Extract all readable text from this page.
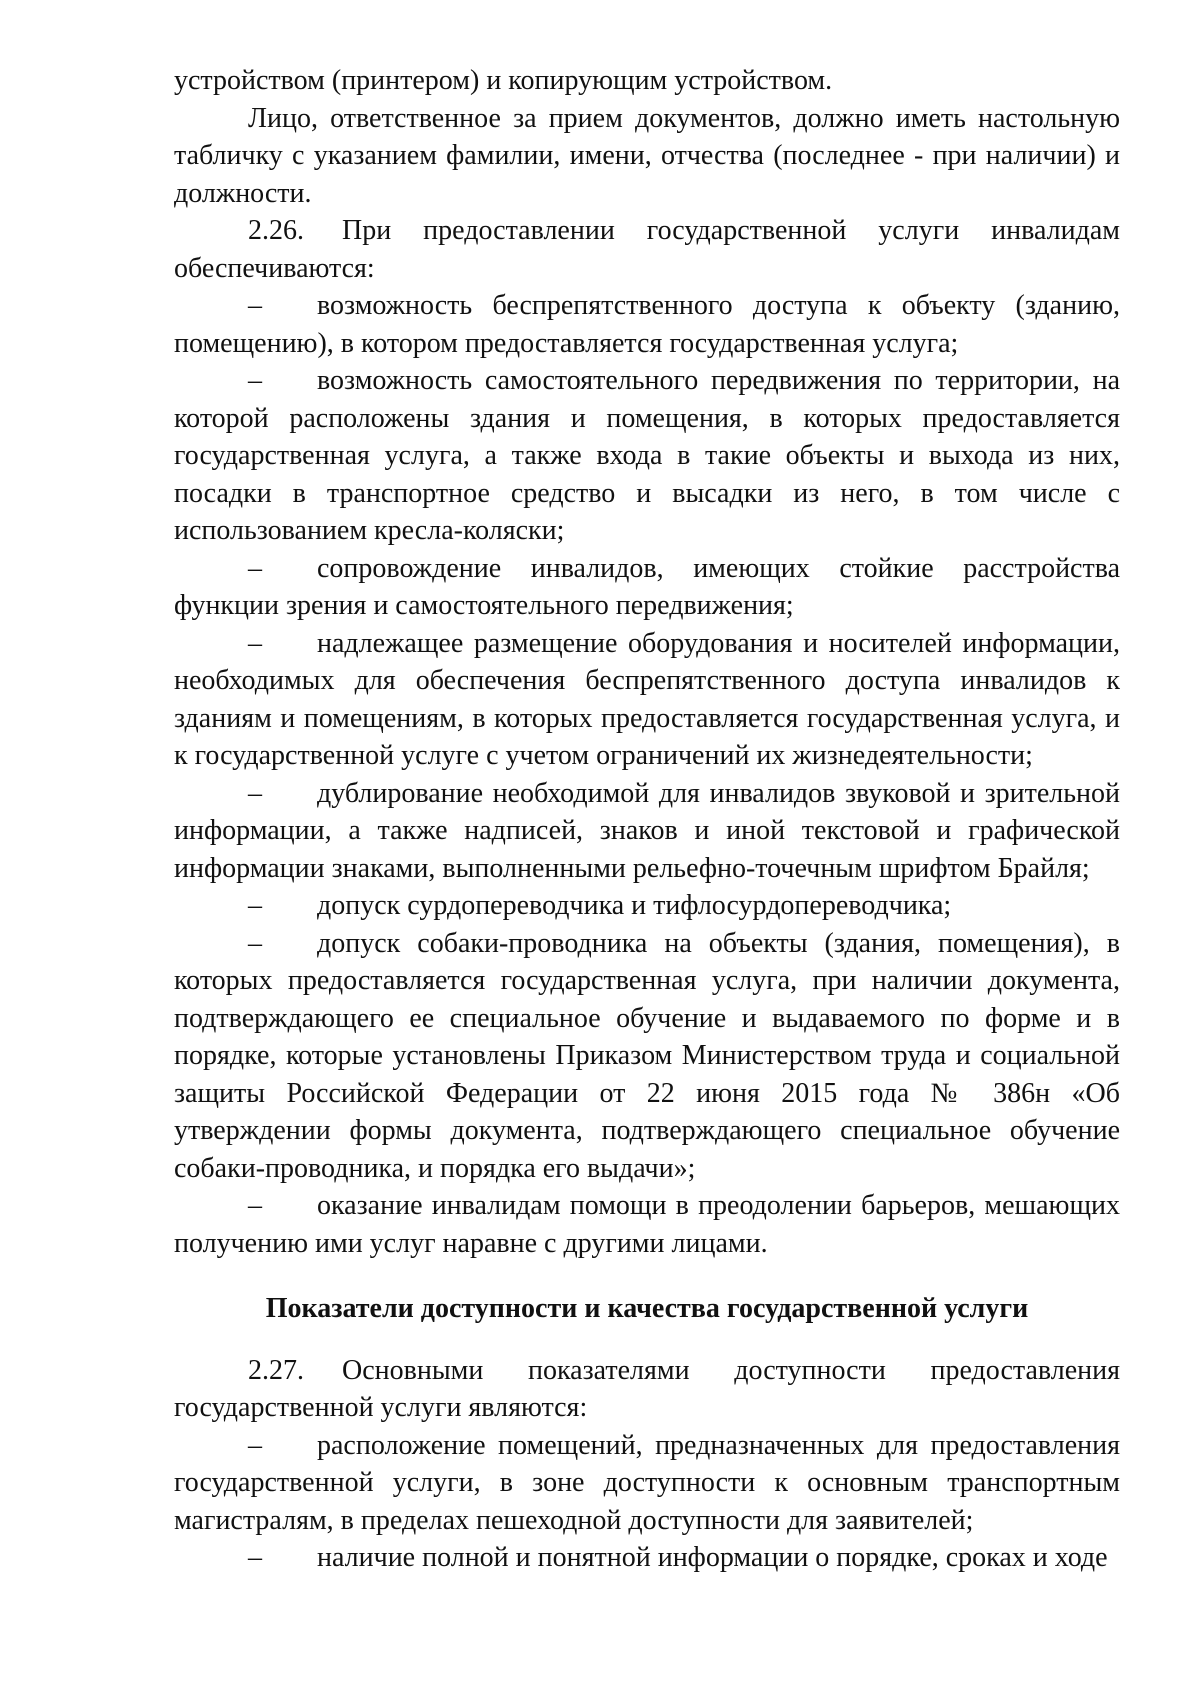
устройством (принтером) и копирующим устройством.

Лицо, ответственное за прием документов, должно иметь настольную табличку с указанием фамилии, имени, отчества (последнее - при наличии) и должности.

2.26. При предоставлении государственной услуги инвалидам обеспечиваются:

– возможность беспрепятственного доступа к объекту (зданию, помещению), в котором предоставляется государственная услуга;

– возможность самостоятельного передвижения по территории, на которой расположены здания и помещения, в которых предоставляется государственная услуга, а также входа в такие объекты и выхода из них, посадки в транспортное средство и высадки из него, в том числе с использованием кресла-коляски;

– сопровождение инвалидов, имеющих стойкие расстройства функции зрения и самостоятельного передвижения;

– надлежащее размещение оборудования и носителей информации, необходимых для обеспечения беспрепятственного доступа инвалидов к зданиям и помещениям, в которых предоставляется государственная услуга, и к государственной услуге с учетом ограничений их жизнедеятельности;

– дублирование необходимой для инвалидов звуковой и зрительной информации, а также надписей, знаков и иной текстовой и графической информации знаками, выполненными рельефно-точечным шрифтом Брайля;

– допуск сурдопереводчика и тифлосурдопереводчика;

– допуск собаки-проводника на объекты (здания, помещения), в которых предоставляется государственная услуга, при наличии документа, подтверждающего ее специальное обучение и выдаваемого по форме и в порядке, которые установлены Приказом Министерством труда и социальной защиты Российской Федерации от 22 июня 2015 года № 386н «Об утверждении формы документа, подтверждающего специальное обучение собаки-проводника, и порядка его выдачи»;

– оказание инвалидам помощи в преодолении барьеров, мешающих получению ими услуг наравне с другими лицами.

Показатели доступности и качества государственной услуги

2.27. Основными показателями доступности предоставления государственной услуги являются:

– расположение помещений, предназначенных для предоставления государственной услуги, в зоне доступности к основным транспортным магистралям, в пределах пешеходной доступности для заявителей;

– наличие полной и понятной информации о порядке, сроках и ходе
